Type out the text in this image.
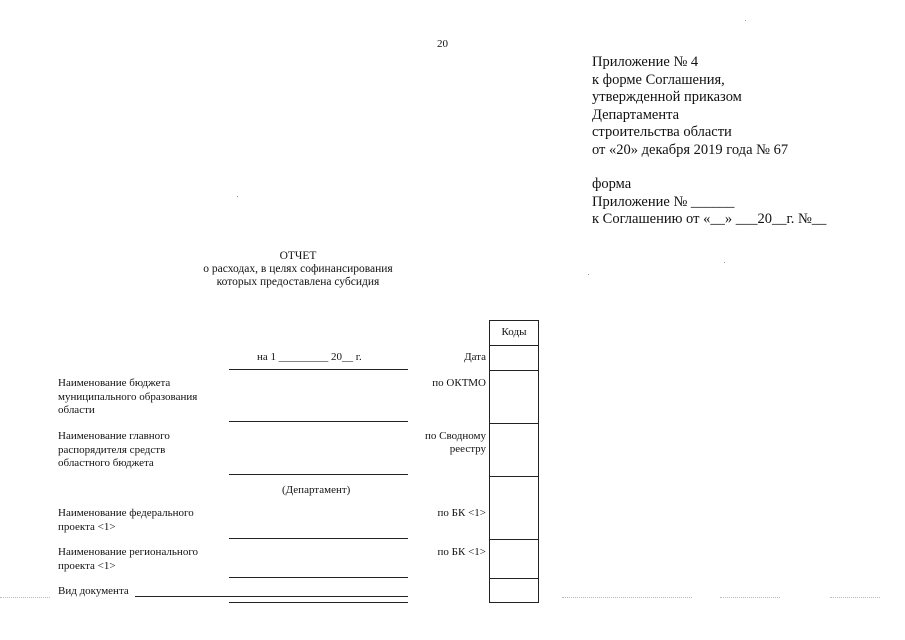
20
Приложение № 4
к форме Соглашения,
утвержденной приказом
Департамента
строительства области
от «20» декабря 2019 года № 67
форма
Приложение № ______
к Соглашению от «__» ___20__г. №__
ОТЧЕТ
о расходах, в целях софинансирования
которых предоставлена субсидия
Коды
на 1 _________ 20__ г.	Дата
по ОКТМО
по Сводному
реестру
по БК <1>
по БК <1>
Наименование бюджета
муниципального образования
области
Наименование главного
распорядителя средств
областного бюджета
(Департамент)
Наименование федерального
проекта <1>
Наименование регионального
проекта <1>
Вид документа
